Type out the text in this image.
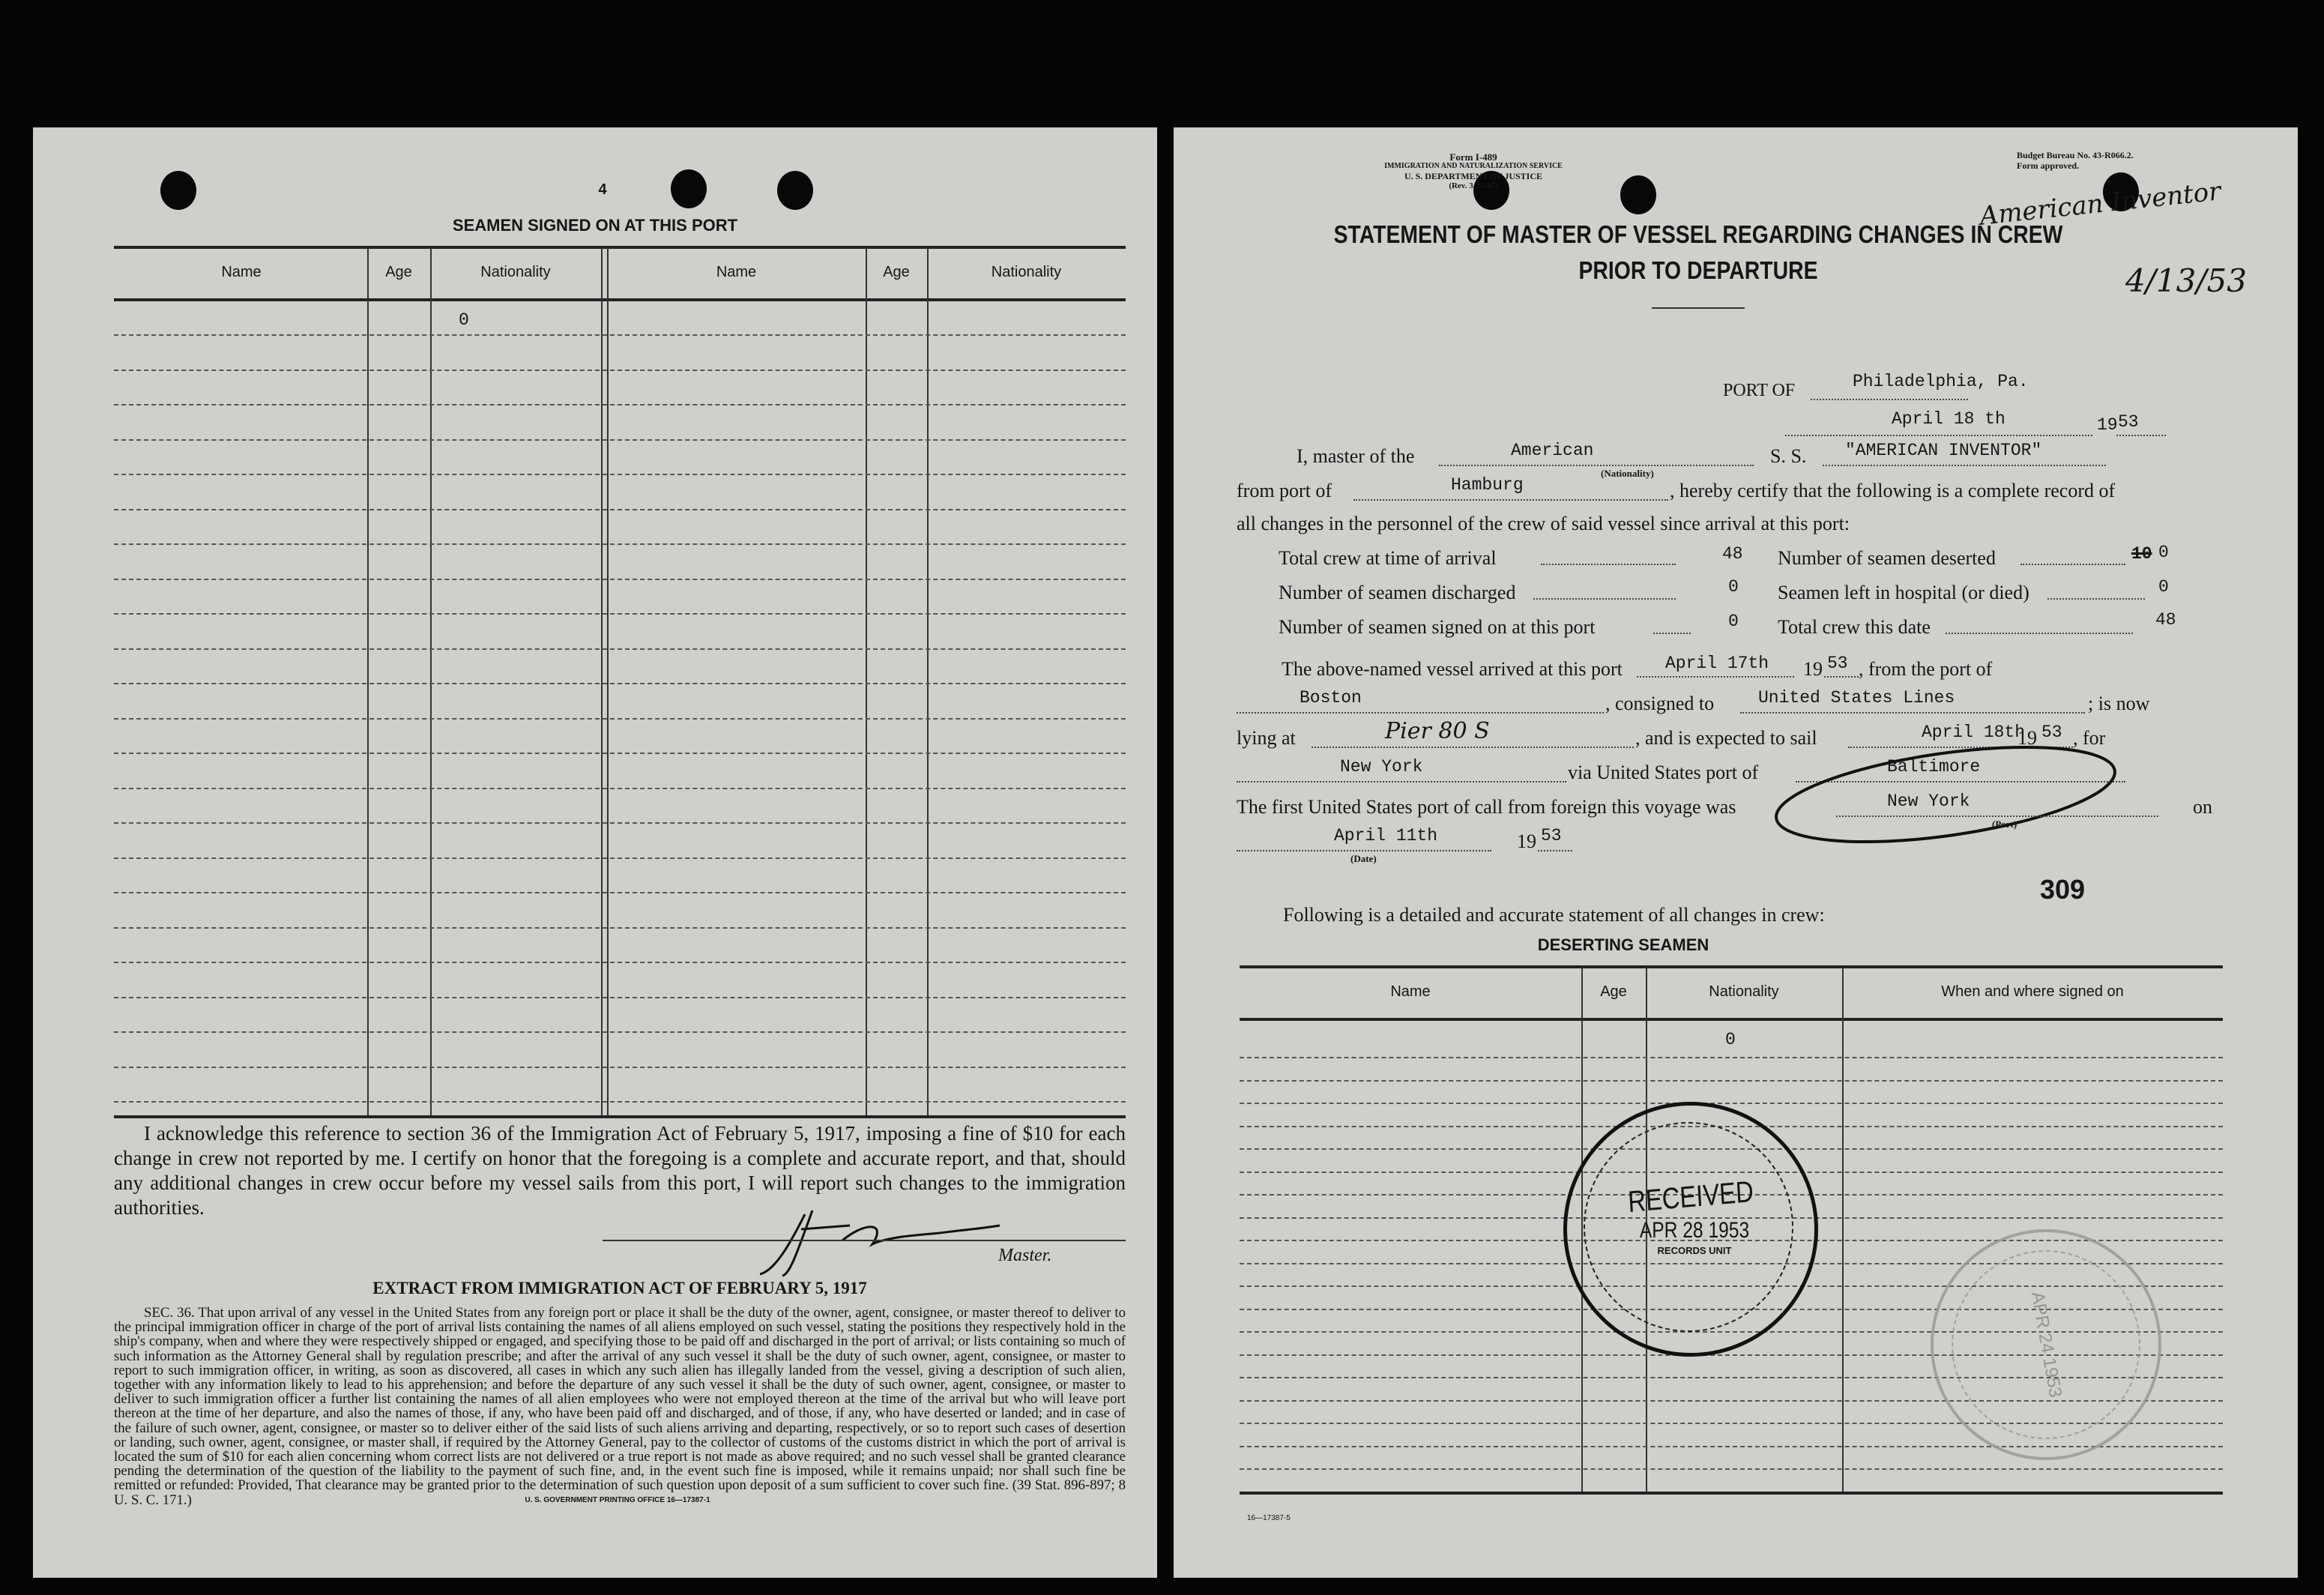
4
SEAMEN SIGNED ON AT THIS PORT
Name	Age	Nationality	Name	Age	Nationality
0
I acknowledge this reference to section 36 of the Immigration Act of February 5, 1917, imposing a fine of $10 for each change in crew not reported by me. I certify on honor that the foregoing is a complete and accurate report, and that, should any additional changes in crew occur before my vessel sails from this port, I will report such changes to the immigration authorities.
Master.
EXTRACT FROM IMMIGRATION ACT OF FEBRUARY 5, 1917
SEC. 36. That upon arrival of any vessel in the United States from any foreign port or place it shall be the duty of the owner, agent, consignee, or master thereof to deliver to the principal immigration officer in charge of the port of arrival lists containing the names of all aliens employed on such vessel, stating the positions they respectively hold in the ship's company, when and where they were respectively shipped or engaged, and specifying those to be paid off and discharged in the port of arrival; or lists containing so much of such information as the Attorney General shall by regulation prescribe; and after the arrival of any such vessel it shall be the duty of such owner, agent, consignee, or master to report to such immigration officer, in writing, as soon as discovered, all cases in which any such alien has illegally landed from the vessel, giving a description of such alien, together with any information likely to lead to his apprehension; and before the departure of any such vessel it shall be the duty of such owner, agent, consignee, or master to deliver to such immigration officer a further list containing the names of all alien employees who were not employed thereon at the time of the arrival but who will leave port thereon at the time of her departure, and also the names of those, if any, who have been paid off and discharged, and of those, if any, who have deserted or landed; and in case of the failure of such owner, agent, consignee, or master so to deliver either of the said lists of such aliens arriving and departing, respectively, or so to report such cases of desertion or landing, such owner, agent, consignee, or master shall, if required by the Attorney General, pay to the collector of customs of the customs district in which the port of arrival is located the sum of $10 for each alien concerning whom correct lists are not delivered or a true report is not made as above required; and no such vessel shall be granted clearance pending the determination of the question of the liability to the payment of such fine, and, in the event such fine is imposed, while it remains unpaid; nor shall such fine be remitted or refunded: Provided, That clearance may be granted prior to the determination of such question upon deposit of a sum sufficient to cover such fine. (39 Stat. 896-897; 8 U. S. C. 171.)	U. S. GOVERNMENT PRINTING OFFICE 16—17387-1
Form I-489
IMMIGRATION AND NATURALIZATION SERVICE
U. S. DEPARTMENT OF JUSTICE
(Rev. 3-22-45)
Budget Bureau No. 43-R066.2.
Form approved.
American Inventor
4/13/53
STATEMENT OF MASTER OF VESSEL REGARDING CHANGES IN CREW
PRIOR TO DEPARTURE
PORT OF	Philadelphia, Pa.
April 18 th	19 53
I, master of the	American
(Nationality)
S. S. "AMERICAN INVENTOR"
from port of	Hamburg	, hereby certify that the following is a complete record of
all changes in the personnel of the crew of said vessel since arrival at this port:
Total crew at time of arrival	48 Number of seamen deserted	10 0
Number of seamen discharged	0 Seamen left in hospital (or died)	0
Number of seamen signed on at this port	0 Total crew this date	48
The above-named vessel arrived at this port April 17th 19 53 , from the port of
Boston	, consigned to	United States Lines	; is now
lying at	Pier 80 S	, and is expected to sail	April 18th
19 53 , for
New York	via United States port of	Baltimore
The first United States port of call from foreign this voyage was	New York
(Port)
on
April 11th
(Date)
19 53
309
Following is a detailed and accurate statement of all changes in crew:
DESERTING SEAMEN
Name	Age	Nationality	When and where signed on
0
RECEIVED
APR 28 1953
RECORDS UNIT
APR 24 1953
16—17387-5
